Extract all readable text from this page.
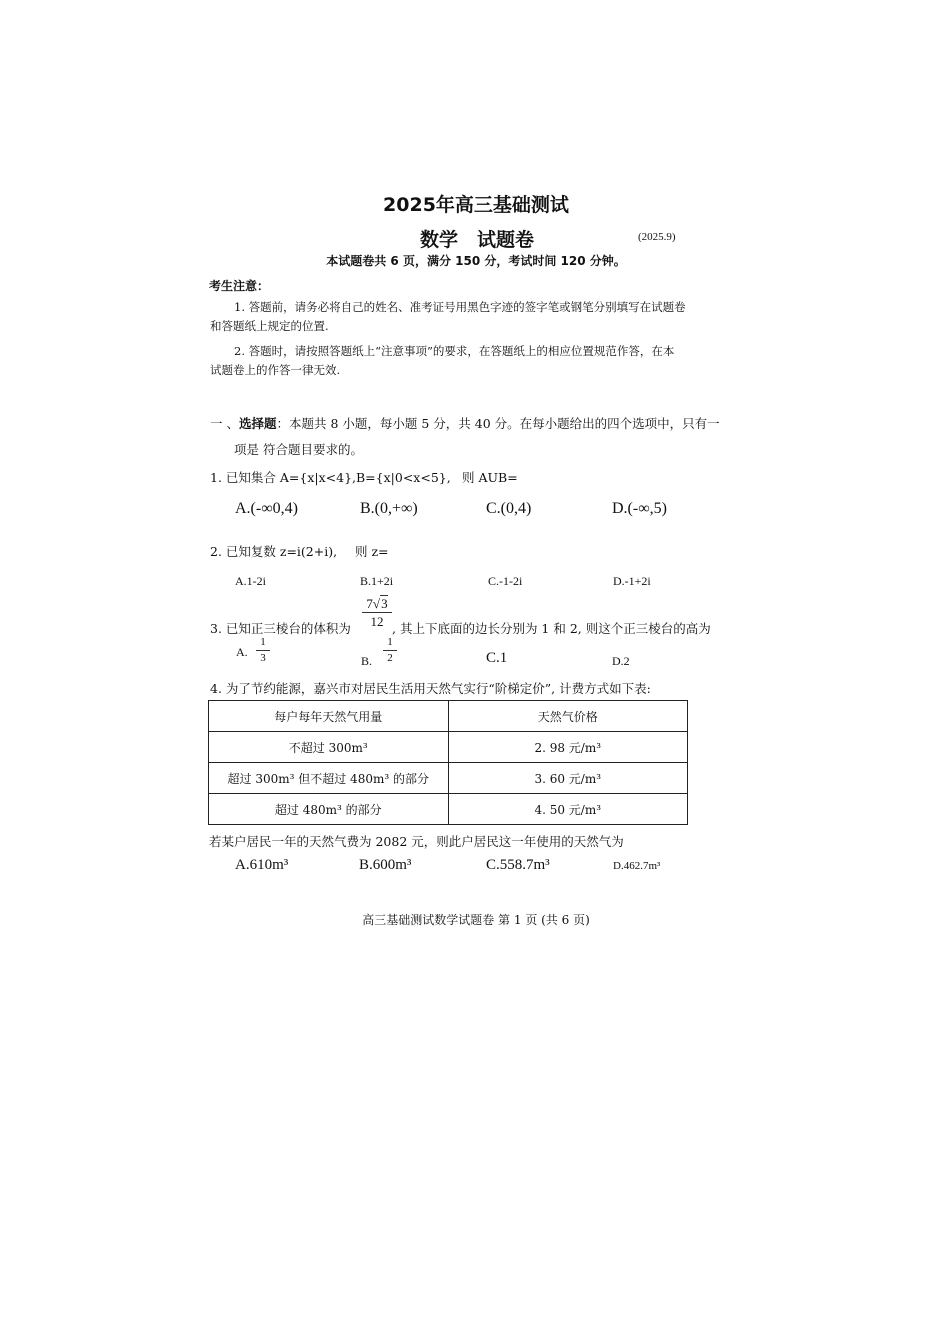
2025年高三基础测试
数学　试题卷	(2025.9)
本试题卷共 6 页，满分 150 分，考试时间 120 分钟。
考生注意：
1. 答题前，请务必将自己的姓名、准考证号用黑色字迹的签字笔或钢笔分别填写在试题卷
和答题纸上规定的位置.
2. 答题时，请按照答题纸上“注意事项”的要求，在答题纸上的相应位置规范作答，在本
试题卷上的作答一律无效.
一 、选择题：本题共 8 小题，每小题 5 分，共 40 分。在每小题给出的四个选项中，只有一
项是 符合题目要求的。
1. 已知集合 A={x|x<4},B={x|0<x<5}, 则 AUB=
A.(-∞0,4)	B.(0,+∞)	C.(0,4)	D.(-∞,5)
2. 已知复数 z=i(2+i), 则 z=
A.1-2i	B.1+2i	C.-1-2i	D.-1+2i
3. 已知正三棱台的体积为
7√3
12 , 其上下底面的边长分别为 1 和 2, 则这个正三棱台的高为
A.
1
3	B.
1
2	C.1	D.2
4. 为了节约能源，嘉兴市对居民生活用天然气实行“阶梯定价”, 计费方式如下表:
每户每年天然气用量	天然气价格
不超过 300m³	2. 98 元/m³
超过 300m³ 但不超过 480m³ 的部分	3. 60 元/m³
超过 480m³ 的部分	4. 50 元/m³
若某户居民一年的天然气费为 2082 元，则此户居民这一年使用的天然气为
A.610m³	B.600m³	C.558.7m³	D.462.7m³
高三基础测试数学试题卷 第 1 页 (共 6 页)
